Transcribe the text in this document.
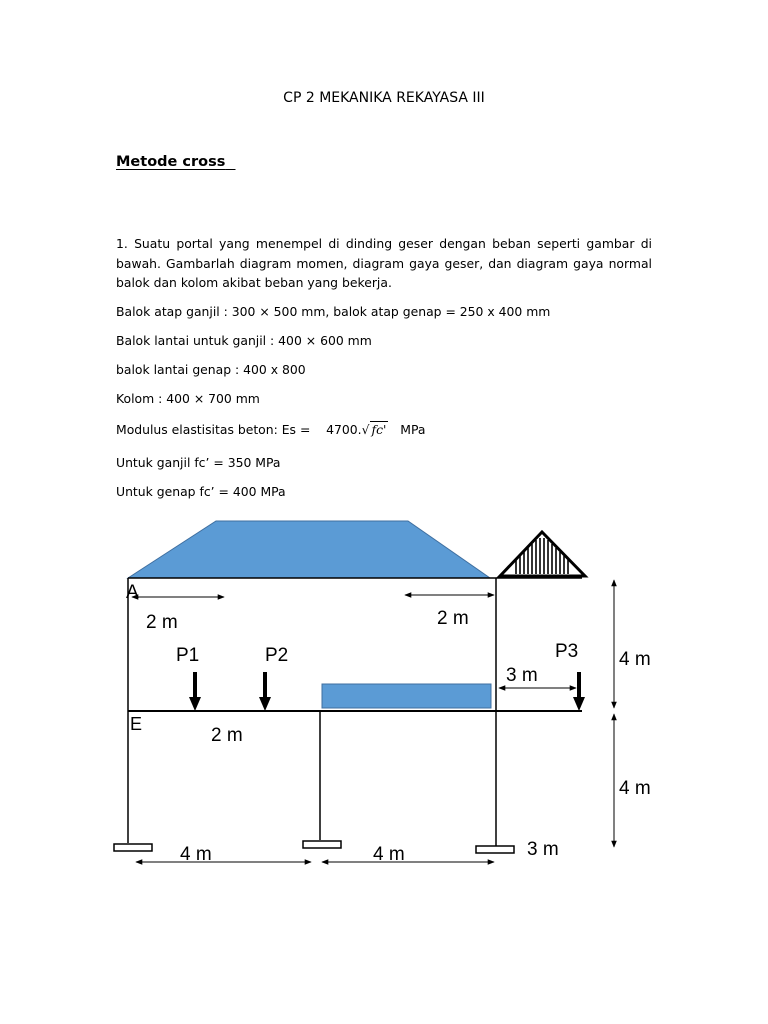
CP 2 MEKANIKA REKAYASA III
Metode cross
1. Suatu portal yang menempel di dinding geser dengan beban seperti gambar di bawah. Gambarlah diagram momen, diagram gaya geser, dan diagram gaya normal balok dan kolom akibat beban yang bekerja.
Balok atap ganjil : 300 × 500 mm, balok atap genap = 250 x 400 mm
Balok lantai untuk ganjil : 400 × 600 mm
balok lantai genap : 400 x 800
Kolom : 400 × 700 mm
Modulus elastisitas beton: Es = 4700.√ fc' MPa
Untuk ganjil fc’ = 350 MPa
Untuk genap fc’ = 400 MPa
A
2 m	2 m
P1	P2	P3
3 m
4 m
E
2 m
4 m
4 m	4 m	3 m
